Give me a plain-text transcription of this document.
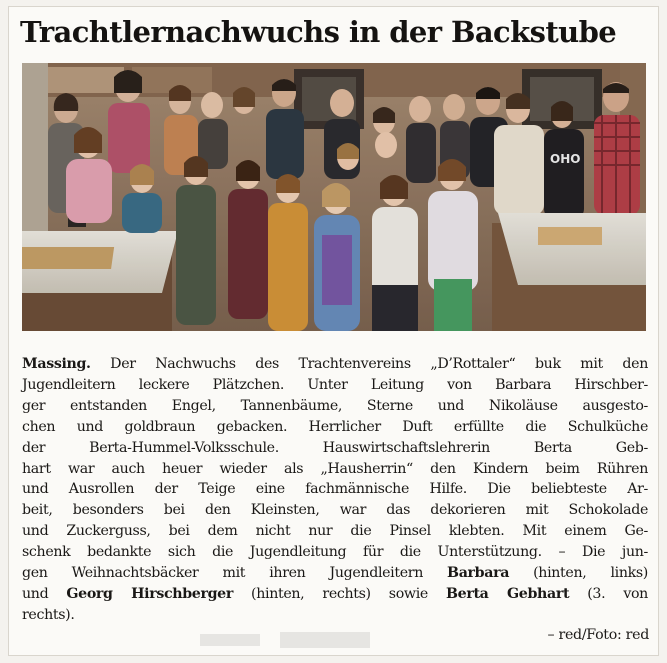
Trachtlernachwuchs in der Backstube
OHO
Massing. Der Nachwuchs des Trachtenvereins „D’Rottaler“ buk mit den
Jugendleitern leckere Plätzchen. Unter Leitung von Barbara Hirschber-
ger entstanden Engel, Tannenbäume, Sterne und Nikoläuse ausgesto-
chen und goldbraun gebacken. Herrlicher Duft erfüllte die Schulküche
der Berta-Hummel-Volksschule. Hauswirtschaftslehrerin Berta Geb-
hart war auch heuer wieder als „Hausherrin“ den Kindern beim Rühren
und Ausrollen der Teige eine fachmännische Hilfe. Die beliebteste Ar-
beit, besonders bei den Kleinsten, war das dekorieren mit Schokolade
und Zuckerguss, bei dem nicht nur die Pinsel klebten. Mit einem Ge-
schenk bedankte sich die Jugendleitung für die Unterstützung. – Die jun-
gen Weihnachtsbäcker mit ihren Jugendleitern Barbara (hinten, links)
und Georg Hirschberger (hinten, rechts) sowie Berta Gebhart (3. von
rechts).
– red/Foto: red
